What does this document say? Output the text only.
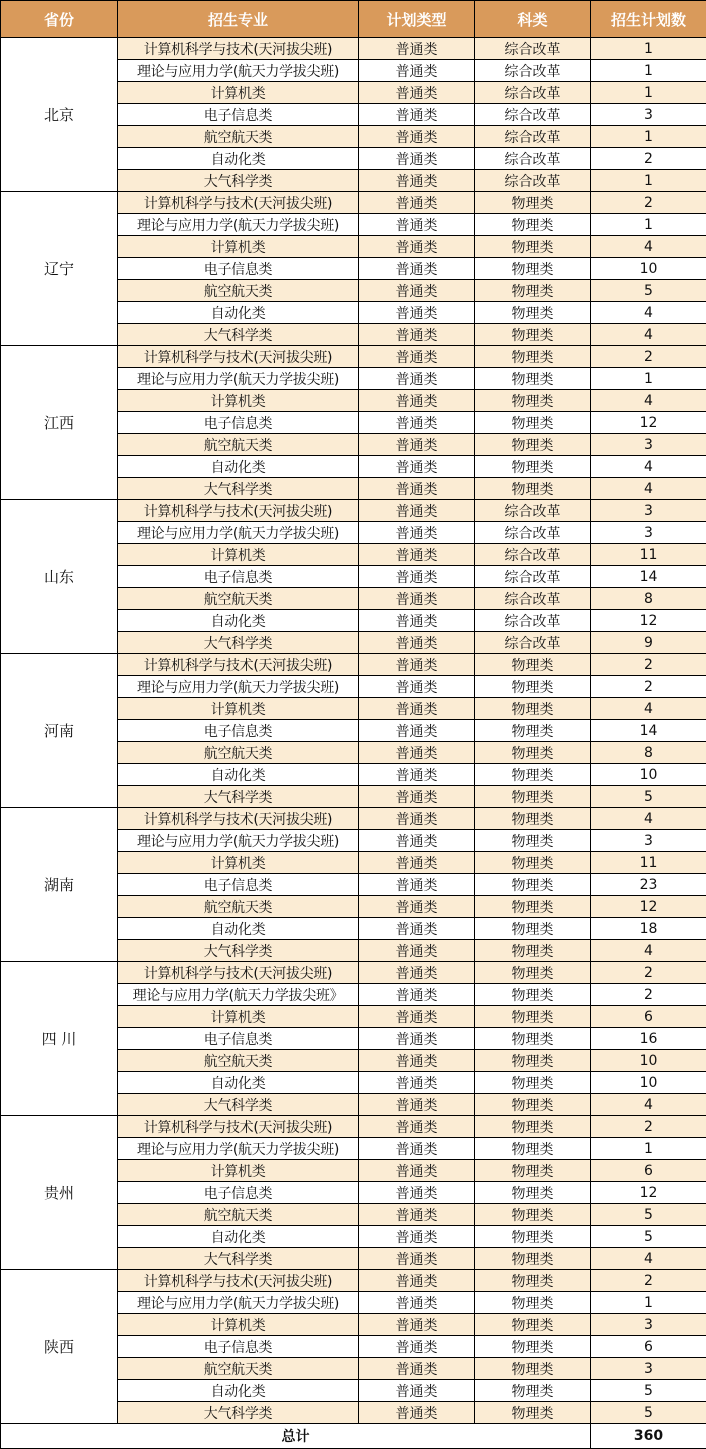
省份	招生专业	计划类型	科类	招生计划数
北京	计算机科学与技术(天河拔尖班)	普通类	综合改革	1
	理论与应用力学(航天力学拔尖班)	普通类	综合改革	1
	计算机类	普通类	综合改革	1
	电子信息类	普通类	综合改革	3
	航空航天类	普通类	综合改革	1
	自动化类	普通类	综合改革	2
	大气科学类	普通类	综合改革	1
辽宁	计算机科学与技术(天河拔尖班)	普通类	物理类	2
	理论与应用力学(航天力学拔尖班)	普通类	物理类	1
	计算机类	普通类	物理类	4
	电子信息类	普通类	物理类	10
	航空航天类	普通类	物理类	5
	自动化类	普通类	物理类	4
	大气科学类	普通类	物理类	4
江西	计算机科学与技术(天河拔尖班)	普通类	物理类	2
	理论与应用力学(航天力学拔尖班)	普通类	物理类	1
	计算机类	普通类	物理类	4
	电子信息类	普通类	物理类	12
	航空航天类	普通类	物理类	3
	自动化类	普通类	物理类	4
	大气科学类	普通类	物理类	4
山东	计算机科学与技术(天河拔尖班)	普通类	综合改革	3
	理论与应用力学(航天力学拔尖班)	普通类	综合改革	3
	计算机类	普通类	综合改革	11
	电子信息类	普通类	综合改革	14
	航空航天类	普通类	综合改革	8
	自动化类	普通类	综合改革	12
	大气科学类	普通类	综合改革	9
河南	计算机科学与技术(天河拔尖班)	普通类	物理类	2
	理论与应用力学(航天力学拔尖班)	普通类	物理类	2
	计算机类	普通类	物理类	4
	电子信息类	普通类	物理类	14
	航空航天类	普通类	物理类	8
	自动化类	普通类	物理类	10
	大气科学类	普通类	物理类	5
湖南	计算机科学与技术(天河拔尖班)	普通类	物理类	4
	理论与应用力学(航天力学拔尖班)	普通类	物理类	3
	计算机类	普通类	物理类	11
	电子信息类	普通类	物理类	23
	航空航天类	普通类	物理类	12
	自动化类	普通类	物理类	18
	大气科学类	普通类	物理类	4
四 川	计算机科学与技术(天河拔尖班)	普通类	物理类	2
	理论与应用力学(航天力学拔尖班》	普通类	物理类	2
	计算机类	普通类	物理类	6
	电子信息类	普通类	物理类	16
	航空航天类	普通类	物理类	10
	自动化类	普通类	物理类	10
	大气科学类	普通类	物理类	4
贵州	计算机科学与技术(天河拔尖班)	普通类	物理类	2
	理论与应用力学(航天力学拔尖班)	普通类	物理类	1
	计算机类	普通类	物理类	6
	电子信息类	普通类	物理类	12
	航空航天类	普通类	物理类	5
	自动化类	普通类	物理类	5
	大气科学类	普通类	物理类	4
陕西	计算机科学与技术(天河拔尖班)	普通类	物理类	2
	理论与应用力学(航天力学拔尖班)	普通类	物理类	1
	计算机类	普通类	物理类	3
	电子信息类	普通类	物理类	6
	航空航天类	普通类	物理类	3
	自动化类	普通类	物理类	5
	大气科学类	普通类	物理类	5
总计				360
